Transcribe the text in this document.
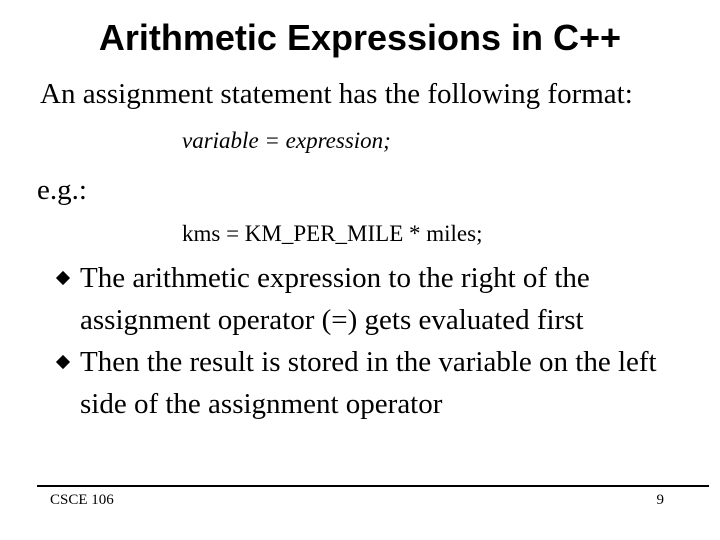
Arithmetic Expressions in C++
An assignment statement has the following format:
variable = expression;
e.g.:
kms = KM_PER_MILE * miles;
The arithmetic expression to the right of the assignment operator (=) gets evaluated first
Then the result is stored in the variable on the left side of the assignment operator
CSCE 106	9
